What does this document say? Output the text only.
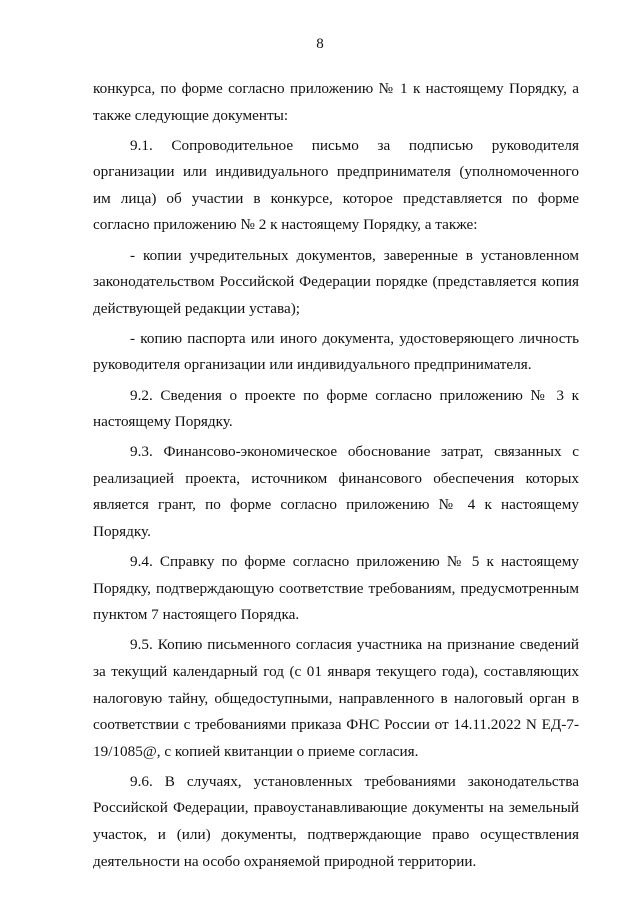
8

конкурса, по форме согласно приложению № 1 к настоящему Порядку, а также следующие документы:

9.1. Сопроводительное письмо за подписью руководителя организации или индивидуального предпринимателя (уполномоченного им лица) об участии в конкурсе, которое представляется по форме согласно приложению № 2 к настоящему Порядку, а также:

- копии учредительных документов, заверенные в установленном законодательством Российской Федерации порядке (представляется копия действующей редакции устава);

- копию паспорта или иного документа, удостоверяющего личность руководителя организации или индивидуального предпринимателя.

9.2. Сведения о проекте по форме согласно приложению № 3 к настоящему Порядку.

9.3. Финансово-экономическое обоснование затрат, связанных с реализацией проекта, источником финансового обеспечения которых является грант, по форме согласно приложению № 4 к настоящему Порядку.

9.4. Справку по форме согласно приложению № 5 к настоящему Порядку, подтверждающую соответствие требованиям, предусмотренным пунктом 7 настоящего Порядка.

9.5. Копию письменного согласия участника на признание сведений за текущий календарный год (с 01 января текущего года), составляющих налоговую тайну, общедоступными, направленного в налоговый орган в соответствии с требованиями приказа ФНС России от 14.11.2022 N ЕД-7-19/1085@, с копией квитанции о приеме согласия.

9.6. В случаях, установленных требованиями законодательства Российской Федерации, правоустанавливающие документы на земельный участок, и (или) документы, подтверждающие право осуществления деятельности на особо охраняемой природной территории.
